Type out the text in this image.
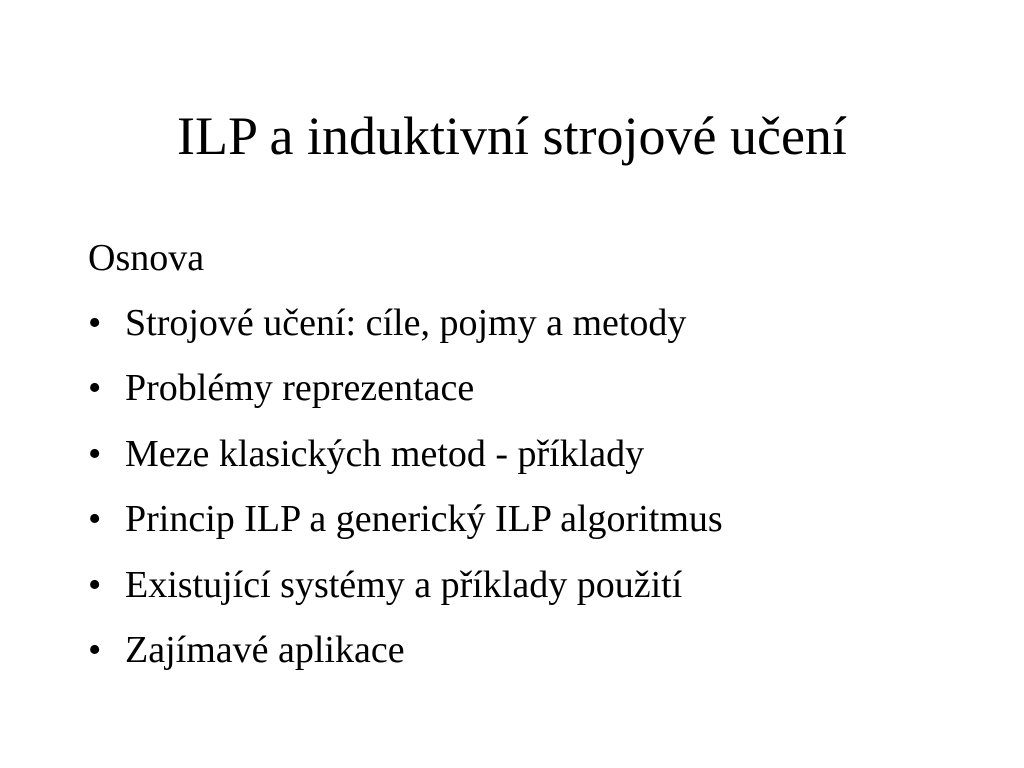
ILP a induktivní strojové učení

Osnova

• Strojové učení: cíle, pojmy a metody
• Problémy reprezentace
• Meze klasických metod - příklady
• Princip ILP a generický ILP algoritmus
• Existující systémy a příklady použití
• Zajímavé aplikace
